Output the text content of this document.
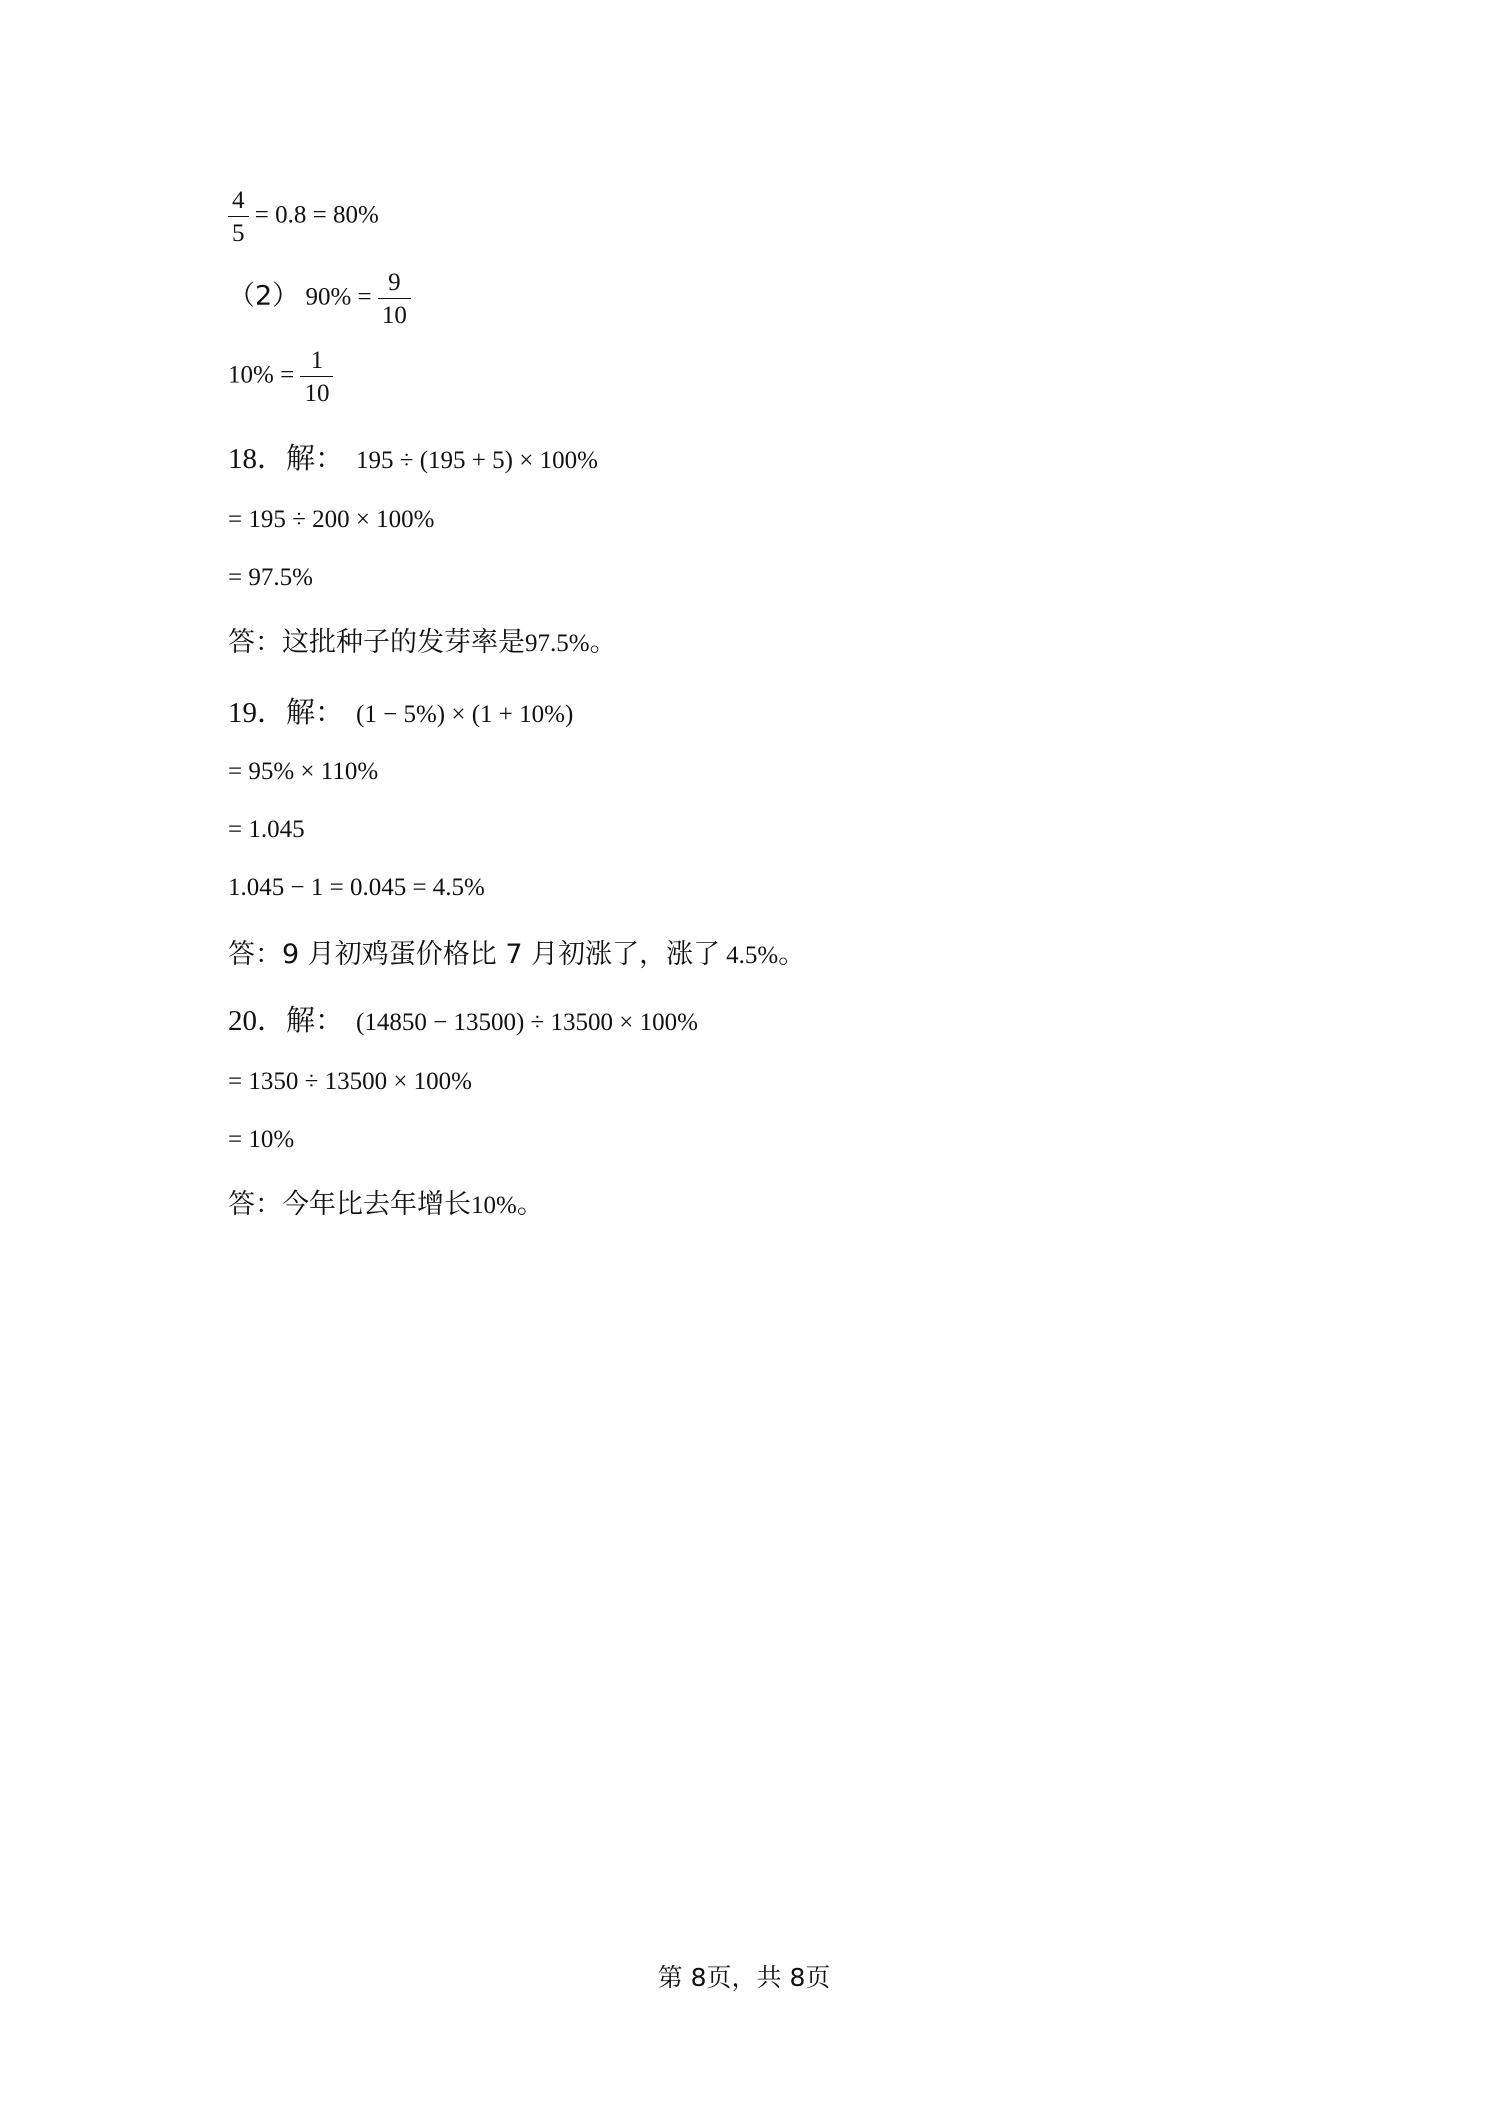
$\frac{4}{5} = 0.8 = 80\%$
（2） $90\% = \frac{9}{10}$
$10\% = \frac{1}{10}$
18．解： 195 ÷ (195 + 5) × 100%
= 195 ÷ 200 × 100%
= 97.5%
答：这批种子的发芽率是97.5%。
19．解： (1 − 5%) × (1 + 10%)
= 95% × 110%
= 1.045
1.045 − 1 = 0.045 = 4.5%
答：9 月初鸡蛋价格比 7 月初涨了，涨了 4.5%。
20．解： (14850 − 13500) ÷ 13500 × 100%
= 1350 ÷ 13500 × 100%
= 10%
答：今年比去年增长10%。
第 8页，共 8页
